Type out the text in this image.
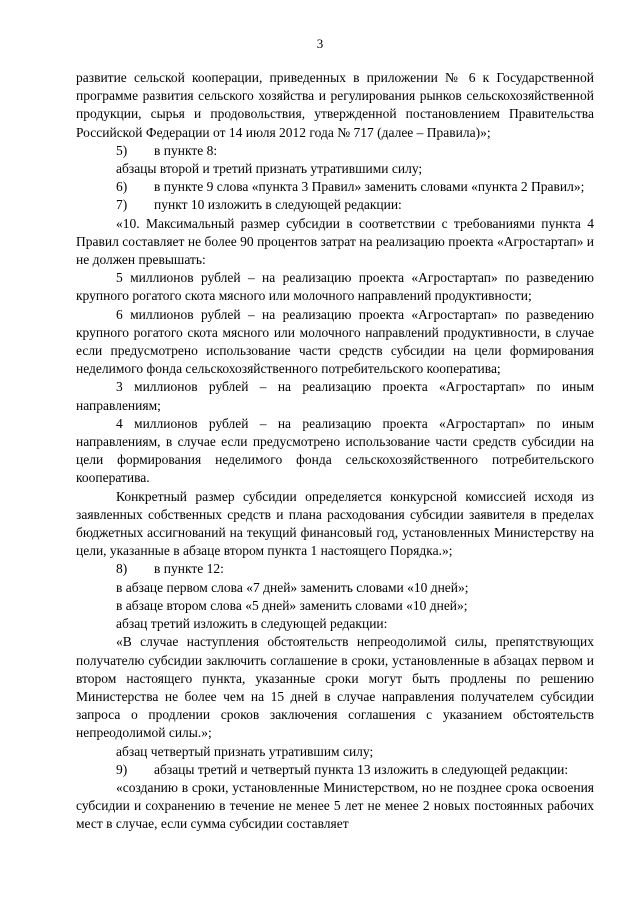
3

развитие сельской кооперации, приведенных в приложении № 6 к Государственной программе развития сельского хозяйства и регулирования рынков сельскохозяйственной продукции, сырья и продовольствия, утвержденной постановлением Правительства Российской Федерации от 14 июля 2012 года № 717 (далее – Правила)»;

5) в пункте 8:

абзацы второй и третий признать утратившими силу;

6) в пункте 9 слова «пункта 3 Правил» заменить словами «пункта 2 Правил»;

7) пункт 10 изложить в следующей редакции:

«10. Максимальный размер субсидии в соответствии с требованиями пункта 4 Правил составляет не более 90 процентов затрат на реализацию проекта «Агростартап» и не должен превышать:

5 миллионов рублей – на реализацию проекта «Агростартап» по разведению крупного рогатого скота мясного или молочного направлений продуктивности;

6 миллионов рублей – на реализацию проекта «Агростартап» по разведению крупного рогатого скота мясного или молочного направлений продуктивности, в случае если предусмотрено использование части средств субсидии на цели формирования неделимого фонда сельскохозяйственного потребительского кооператива;

3 миллионов рублей – на реализацию проекта «Агростартап» по иным направлениям;

4 миллионов рублей – на реализацию проекта «Агростартап» по иным направлениям, в случае если предусмотрено использование части средств субсидии на цели формирования неделимого фонда сельскохозяйственного потребительского кооператива.

Конкретный размер субсидии определяется конкурсной комиссией исходя из заявленных собственных средств и плана расходования субсидии заявителя в пределах бюджетных ассигнований на текущий финансовый год, установленных Министерству на цели, указанные в абзаце втором пункта 1 настоящего Порядка.»;

8) в пункте 12:

в абзаце первом слова «7 дней» заменить словами «10 дней»;

в абзаце втором слова «5 дней» заменить словами «10 дней»;

абзац третий изложить в следующей редакции:

«В случае наступления обстоятельств непреодолимой силы, препятствующих получателю субсидии заключить соглашение в сроки, установленные в абзацах первом и втором настоящего пункта, указанные сроки могут быть продлены по решению Министерства не более чем на 15 дней в случае направления получателем субсидии запроса о продлении сроков заключения соглашения с указанием обстоятельств непреодолимой силы.»;

абзац четвертый признать утратившим силу;

9) абзацы третий и четвертый пункта 13 изложить в следующей редакции:

«созданию в сроки, установленные Министерством, но не позднее срока освоения субсидии и сохранению в течение не менее 5 лет не менее 2 новых постоянных рабочих мест в случае, если сумма субсидии составляет
